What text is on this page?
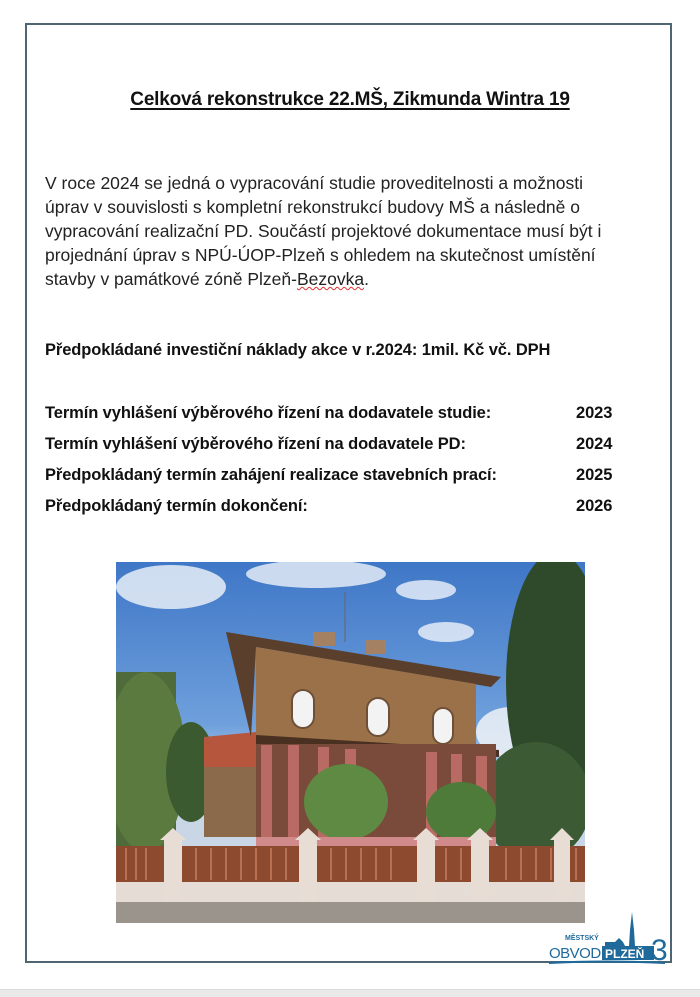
Celková rekonstrukce 22.MŠ, Zikmunda Wintra 19
V roce 2024 se jedná o vypracování studie proveditelnosti a možnosti
úprav v souvislosti s kompletní rekonstrukcí budovy MŠ a následně o
vypracování realizační PD. Součástí projektové dokumentace musí být i
projednání úprav s NPÚ-ÚOP-Plzeň s ohledem na skutečnost umístění
stavby v památkové zóně Plzeň-Bezovka.
Předpokládané investiční náklady akce v r.2024: 1mil. Kč vč. DPH
Termín vyhlášení výběrového řízení na dodavatele studie:	2023
Termín vyhlášení výběrového řízení na dodavatele PD:	2024
Předpokládaný termín zahájení realizace stavebních prací:	2025
Předpokládaný termín dokončení:	2026
MĚSTSKÝ
OBVOD PLZEŇ 3
